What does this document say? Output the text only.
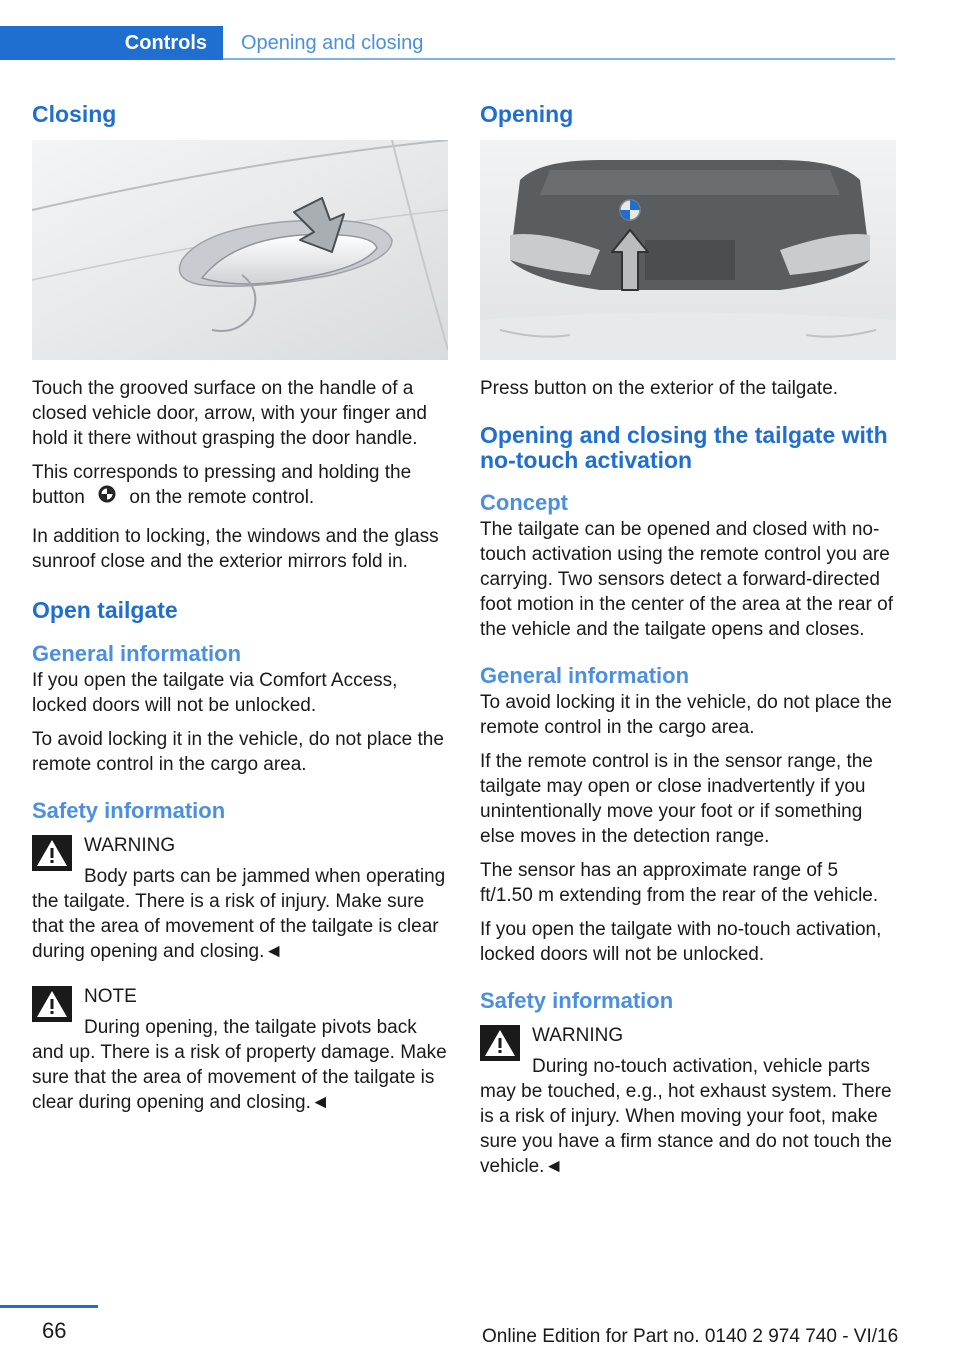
Controls	Opening and closing
Closing

Touch the grooved surface on the handle of a closed vehicle door, arrow, with your finger and hold it there without grasping the door handle.

This corresponds to pressing and holding the button on the remote control.

In addition to locking, the windows and the glass sunroof close and the exterior mirrors fold in.

Open tailgate
General information

If you open the tailgate via Comfort Access, locked doors will not be unlocked.

To avoid locking it in the vehicle, do not place the remote control in the cargo area.

Safety information
WARNING

Body parts can be jammed when operating the tailgate. There is a risk of injury. Make sure that the area of movement of the tailgate is clear during opening and closing.◄

NOTE

During opening, the tailgate pivots back and up. There is a risk of property damage. Make sure that the area of movement of the tailgate is clear during opening and closing.◄

Opening

Press button on the exterior of the tailgate.

Opening and closing the tailgate with no-touch activation
Concept

The tailgate can be opened and closed with no-touch activation using the remote control you are carrying. Two sensors detect a forward-directed foot motion in the center of the area at the rear of the vehicle and the tailgate opens and closes.

General information

To avoid locking it in the vehicle, do not place the remote control in the cargo area.

If the remote control is in the sensor range, the tailgate may open or close inadvertently if you unintentionally move your foot or if something else moves in the detection range.

The sensor has an approximate range of 5 ft/1.50 m extending from the rear of the vehicle.

If you open the tailgate with no-touch activation, locked doors will not be unlocked.

Safety information
WARNING

During no-touch activation, vehicle parts may be touched, e.g., hot exhaust system. There is a risk of injury. When moving your foot, make sure you have a firm stance and do not touch the vehicle.◄

66	Online Edition for Part no. 0140 2 974 740 - VI/16
